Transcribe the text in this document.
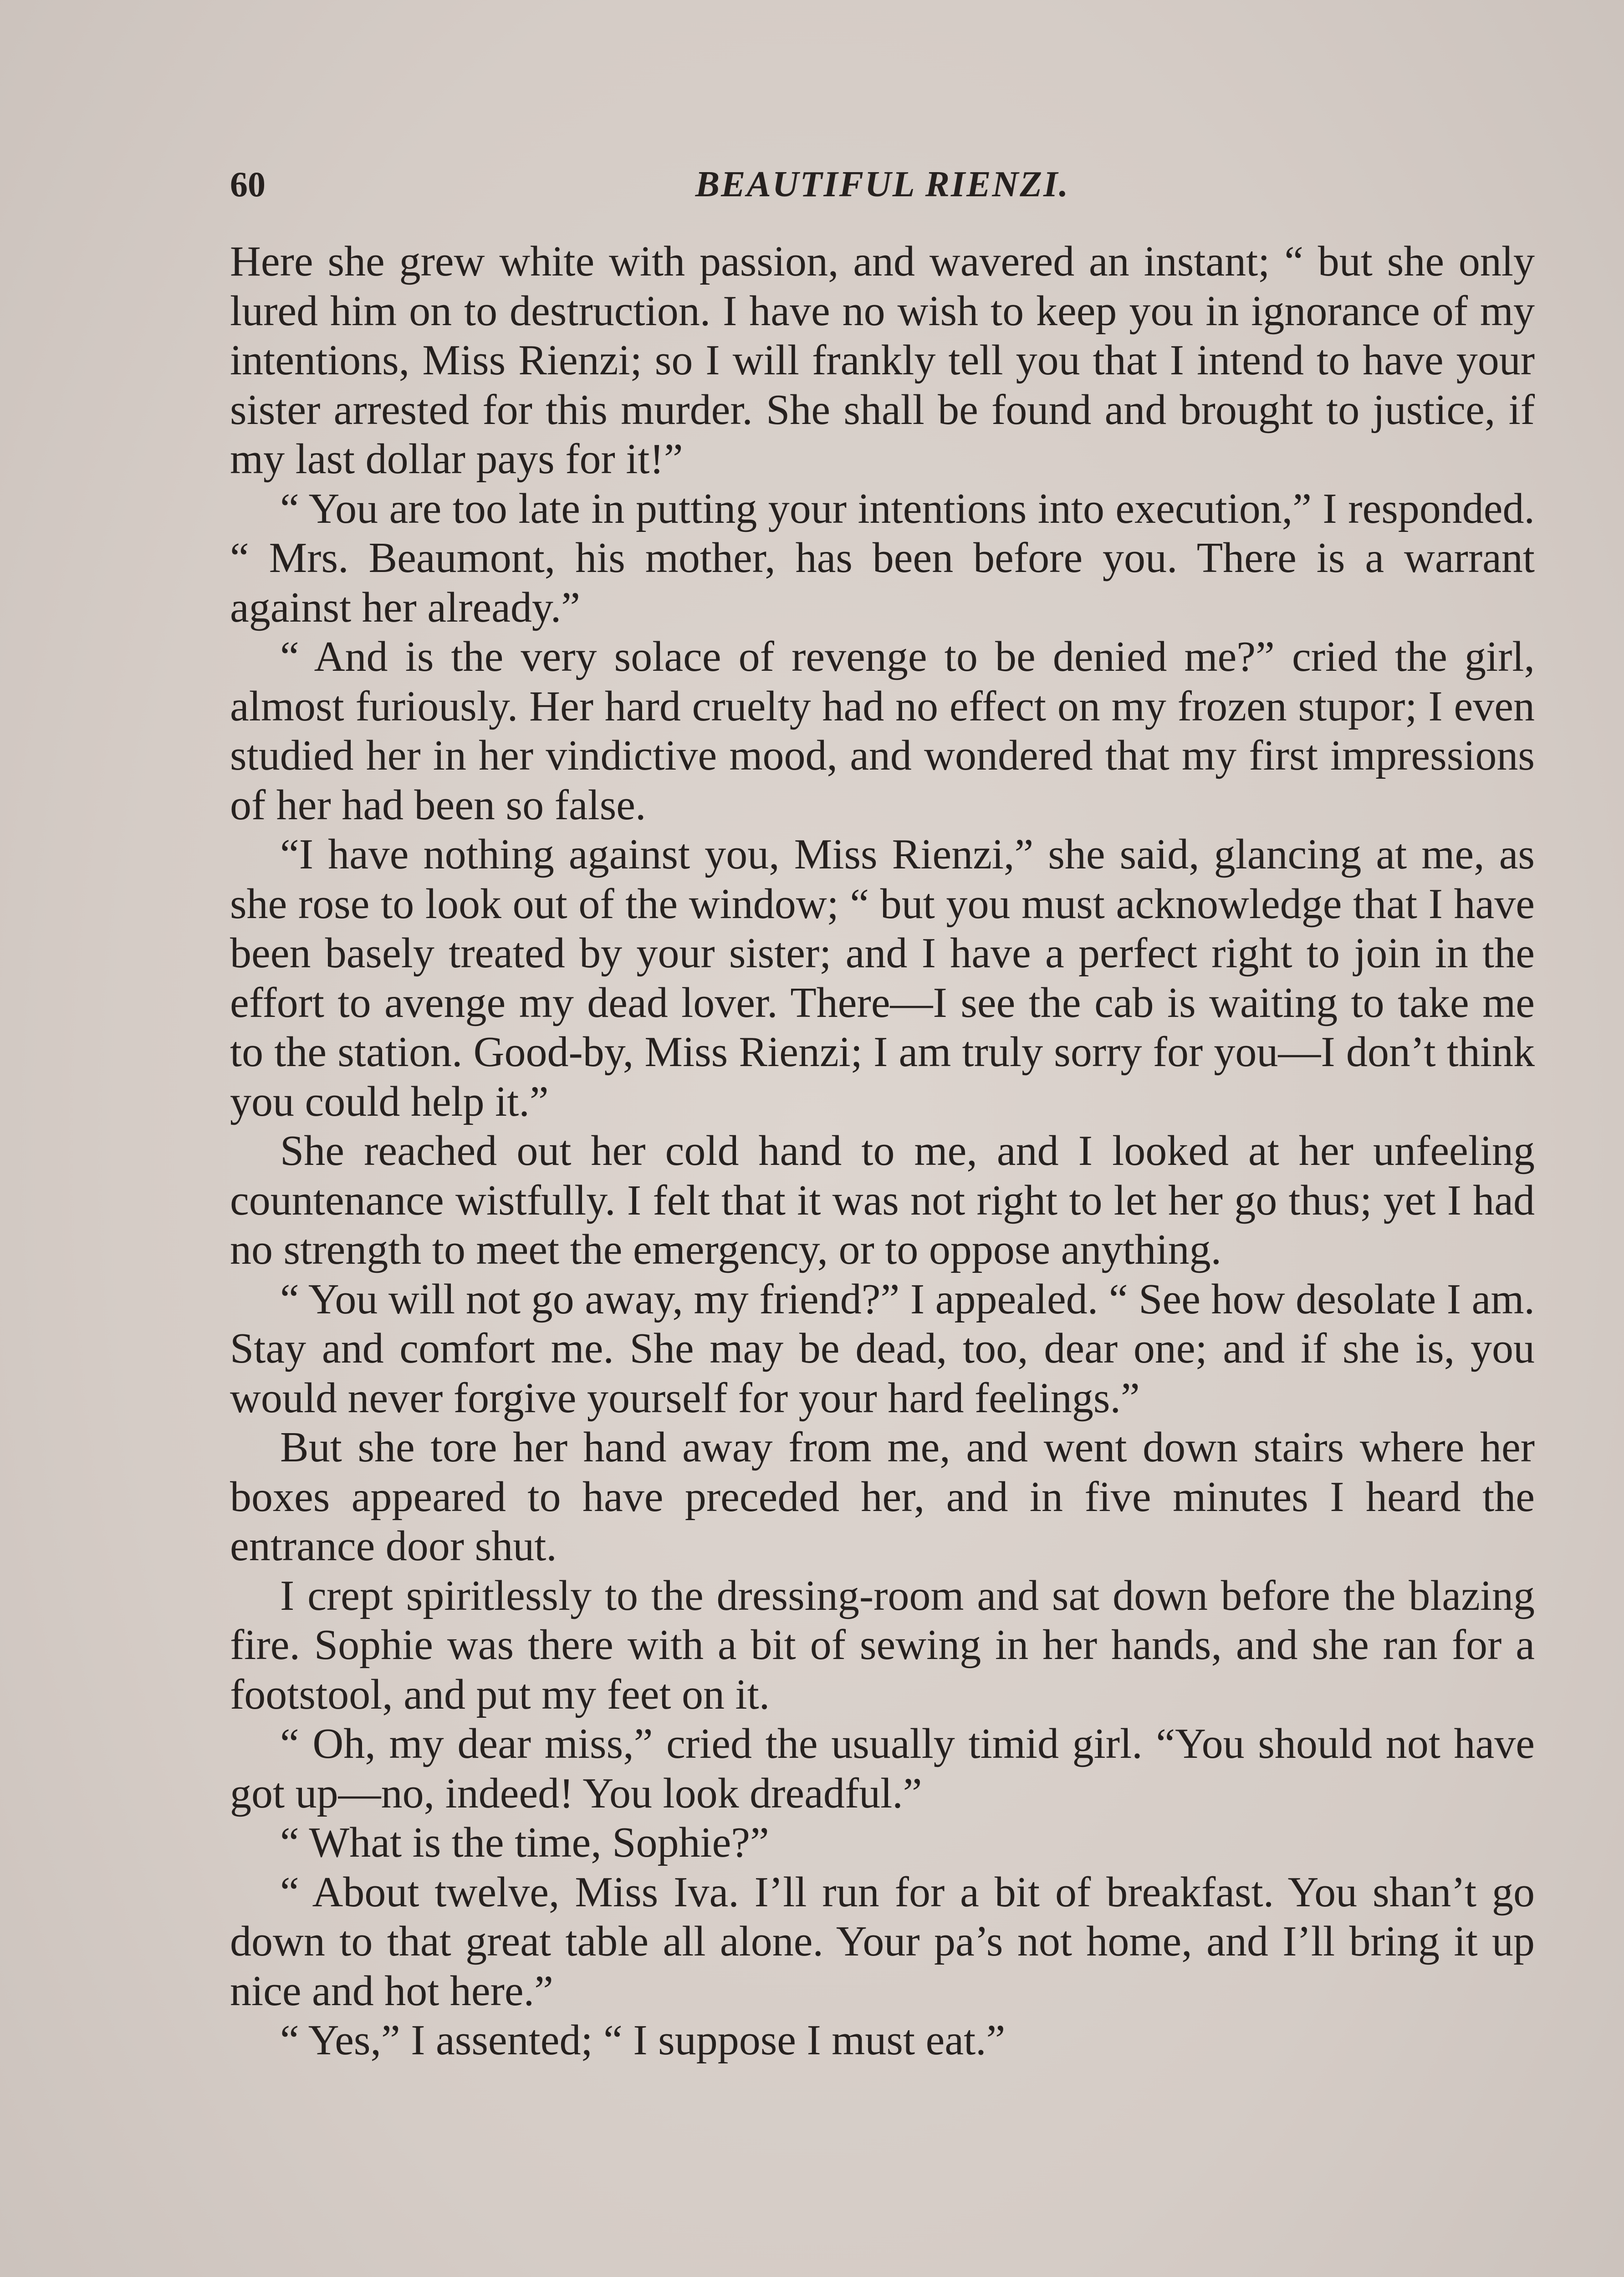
60	BEAUTIFUL RIENZI.

Here she grew white with passion, and wavered an instant; “ but she only lured him on to destruction. I have no wish to keep you in ignorance of my intentions, Miss Rienzi; so I will frankly tell you that I intend to have your sister arrested for this murder. She shall be found and brought to justice, if my last dollar pays for it!”

“ You are too late in putting your intentions into execution,” I responded. “ Mrs. Beaumont, his mother, has been before you. There is a warrant against her already.”

“ And is the very solace of revenge to be denied me?” cried the girl, almost furiously. Her hard cruelty had no effect on my frozen stupor; I even studied her in her vindictive mood, and wondered that my first impressions of her had been so false.

“I have nothing against you, Miss Rienzi,” she said, glancing at me, as she rose to look out of the window; “ but you must acknowledge that I have been basely treated by your sister; and I have a perfect right to join in the effort to avenge my dead lover. There—I see the cab is waiting to take me to the station. Good-by, Miss Rienzi; I am truly sorry for you—I don’t think you could help it.”

She reached out her cold hand to me, and I looked at her unfeeling countenance wistfully. I felt that it was not right to let her go thus; yet I had no strength to meet the emergency, or to oppose anything.

“ You will not go away, my friend?” I appealed. “ See how desolate I am. Stay and comfort me. She may be dead, too, dear one; and if she is, you would never forgive yourself for your hard feelings.”

But she tore her hand away from me, and went down stairs where her boxes appeared to have preceded her, and in five minutes I heard the entrance door shut.

I crept spiritlessly to the dressing-room and sat down before the blazing fire. Sophie was there with a bit of sewing in her hands, and she ran for a footstool, and put my feet on it.

“ Oh, my dear miss,” cried the usually timid girl. “You should not have got up—no, indeed! You look dreadful.”

“ What is the time, Sophie?”

“ About twelve, Miss Iva. I’ll run for a bit of breakfast. You shan’t go down to that great table all alone. Your pa’s not home, and I’ll bring it up nice and hot here.”

“ Yes,” I assented; “ I suppose I must eat.”
